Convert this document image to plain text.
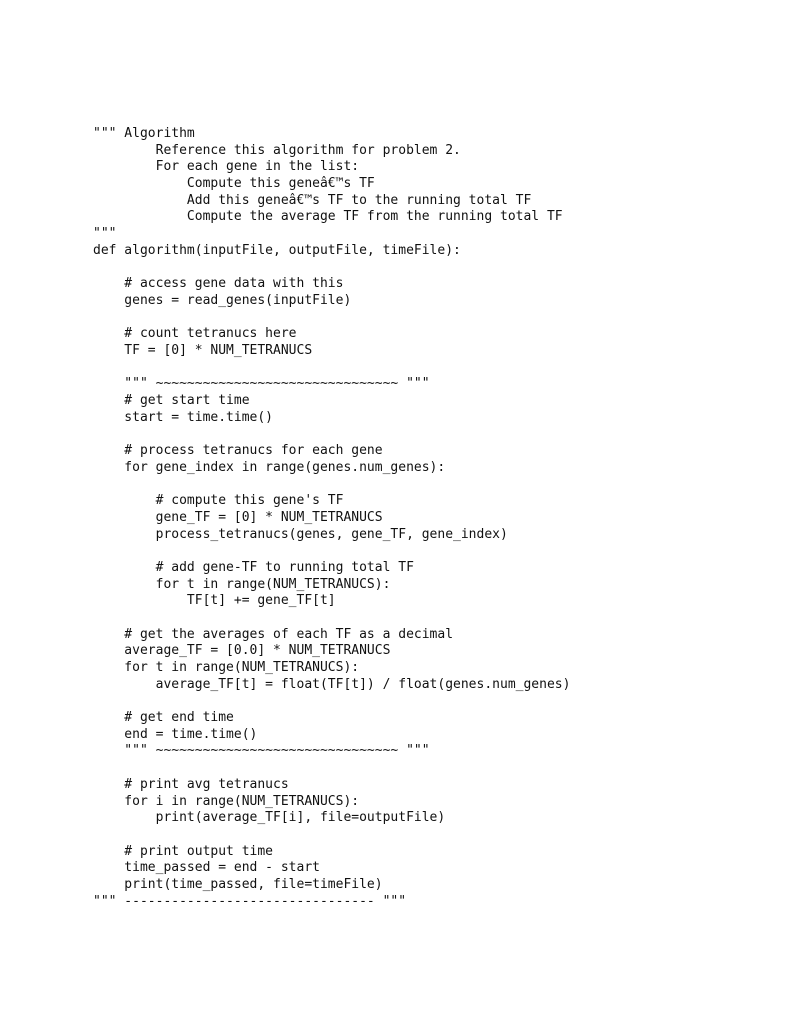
""" Algorithm
Reference this algorithm for problem 2.
For each gene in the list:
Compute this geneâ€™s TF
Add this geneâ€™s TF to the running total TF
Compute the average TF from the running total TF
"""
def algorithm(inputFile, outputFile, timeFile):
# access gene data with this
genes = read_genes(inputFile)
# count tetranucs here
TF = [0] * NUM_TETRANUCS
""" ~~~~~~~~~~~~~~~~~~~~~~~~~~~~~~~ """
# get start time
start = time.time()
# process tetranucs for each gene
for gene_index in range(genes.num_genes):
# compute this gene's TF
gene_TF = [0] * NUM_TETRANUCS
process_tetranucs(genes, gene_TF, gene_index)
# add gene-TF to running total TF
for t in range(NUM_TETRANUCS):
TF[t] += gene_TF[t]
# get the averages of each TF as a decimal
average_TF = [0.0] * NUM_TETRANUCS
for t in range(NUM_TETRANUCS):
average_TF[t] = float(TF[t]) / float(genes.num_genes)
# get end time
end = time.time()
""" ~~~~~~~~~~~~~~~~~~~~~~~~~~~~~~~ """
# print avg tetranucs
for i in range(NUM_TETRANUCS):
print(average_TF[i], file=outputFile)
# print output time
time_passed = end - start
print(time_passed, file=timeFile)
""" -------------------------------- """
